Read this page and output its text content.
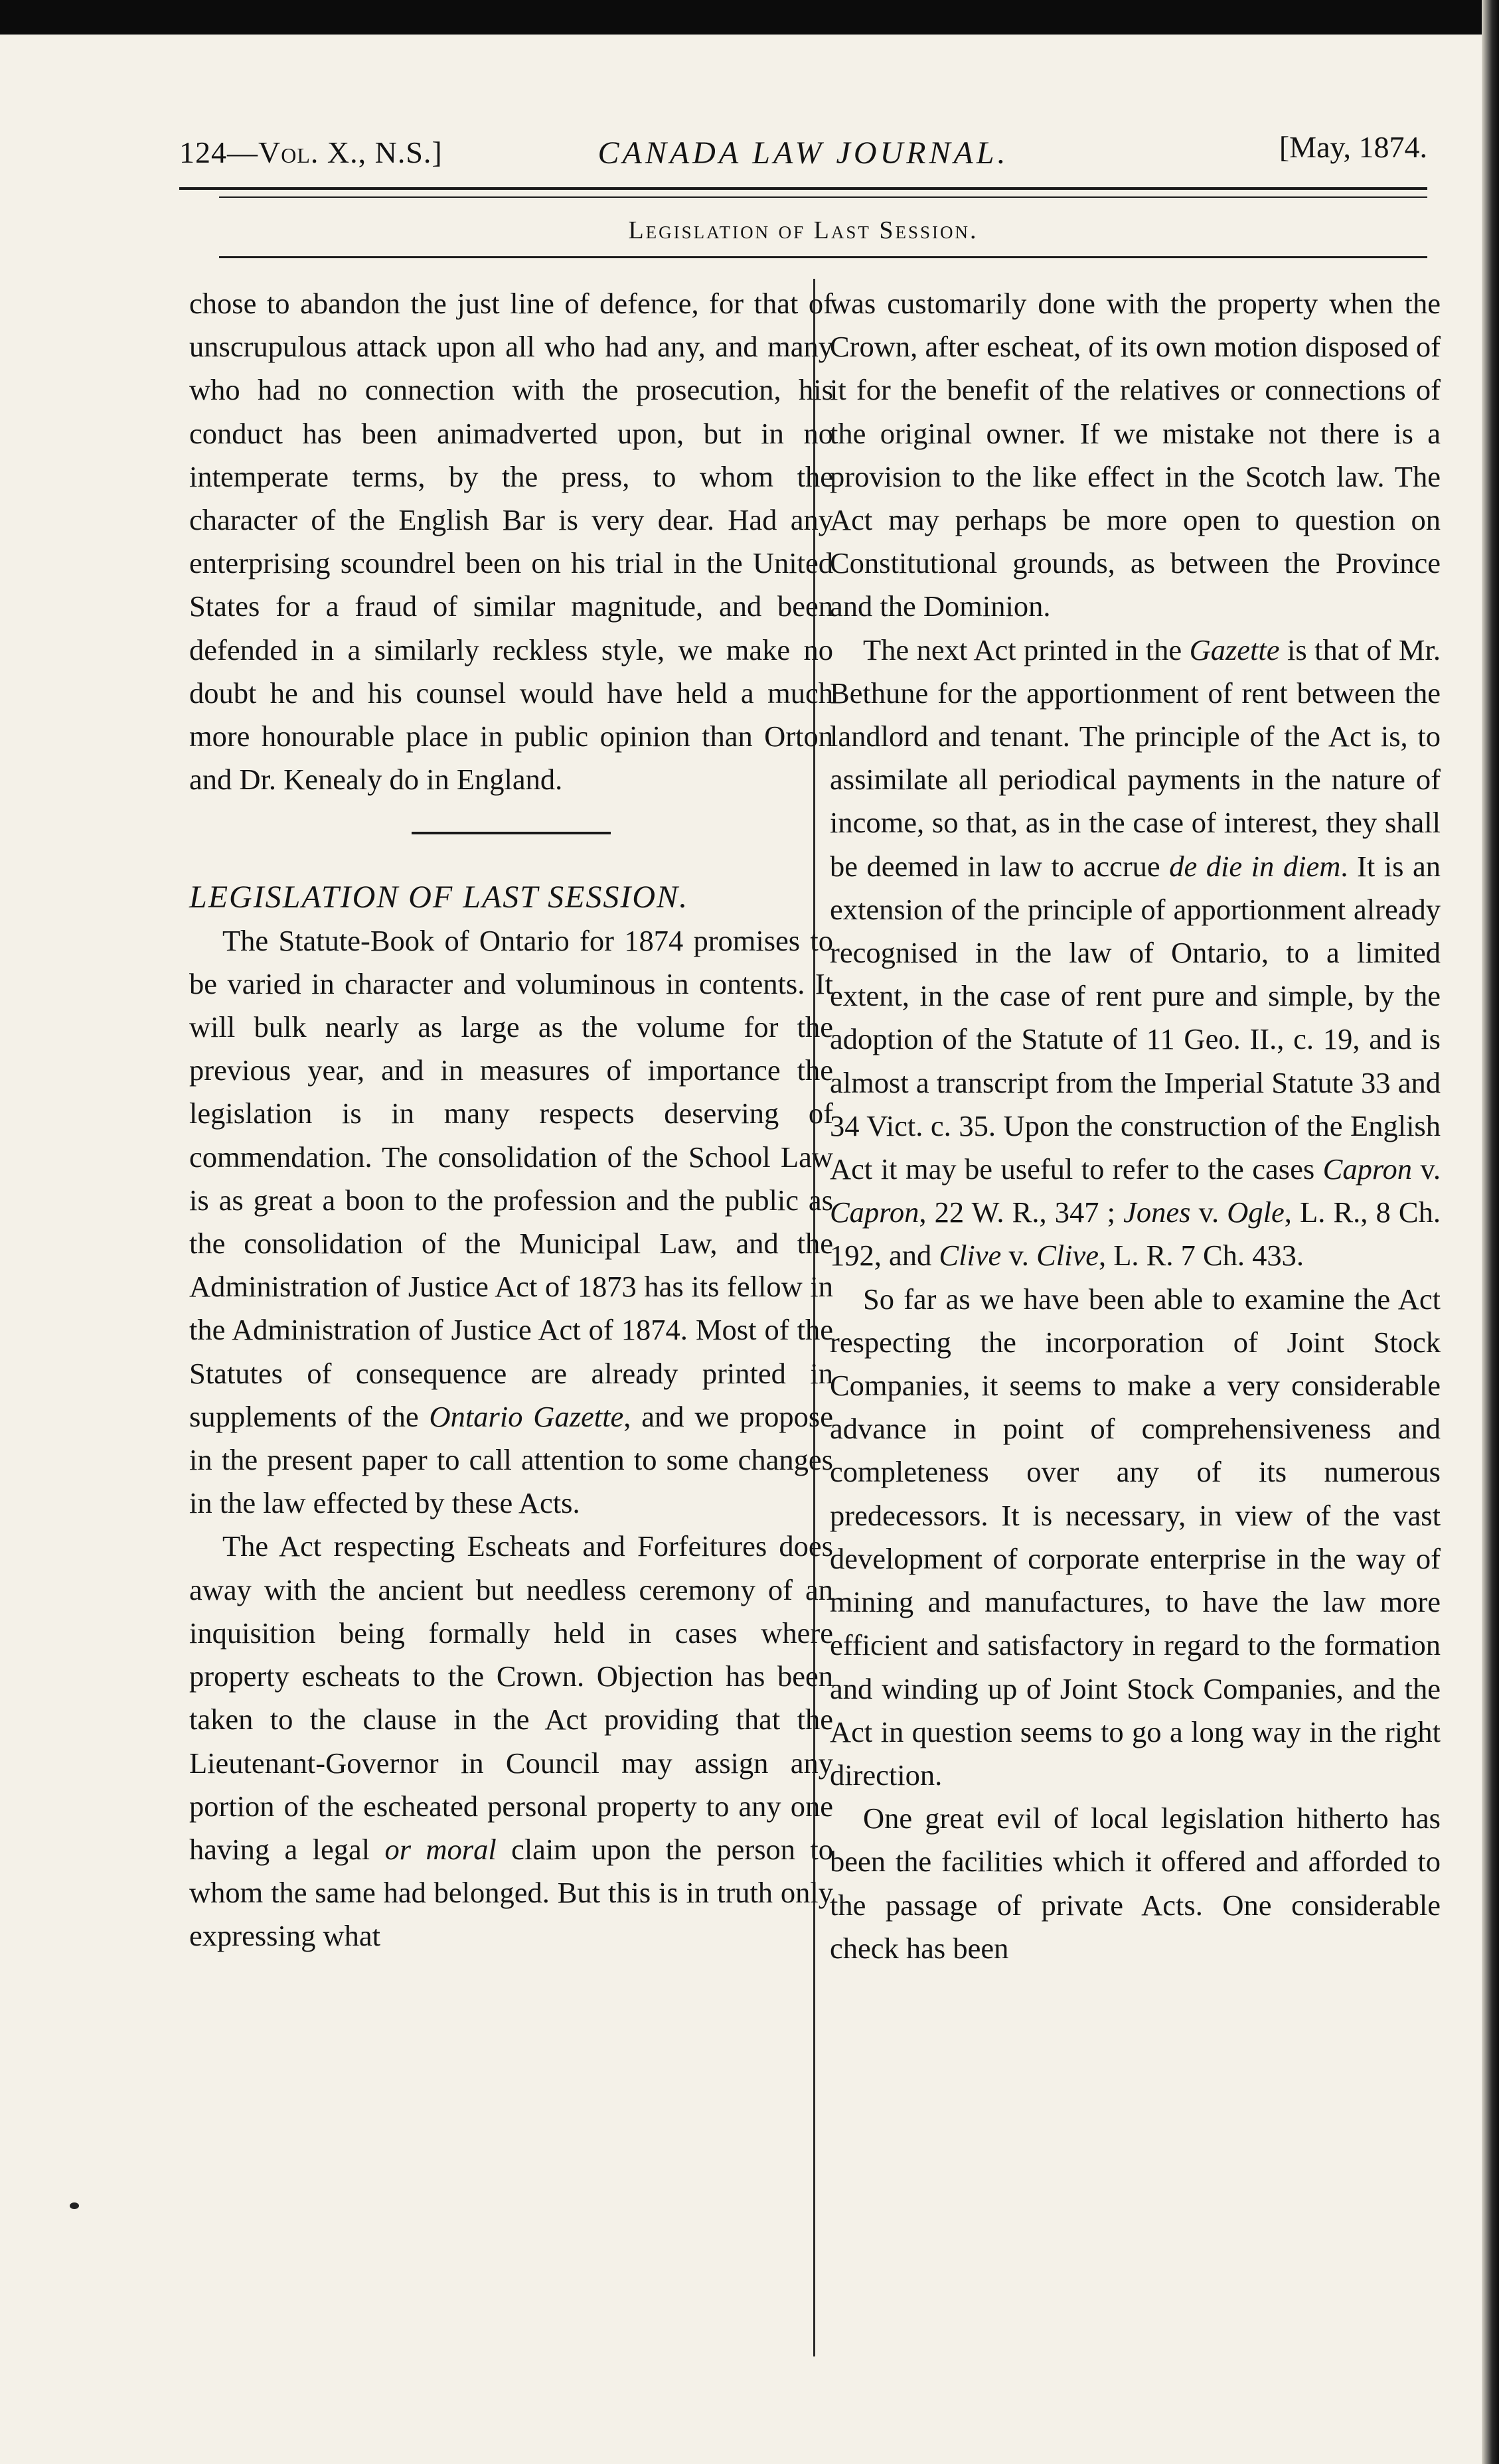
124—Vol. X., N.S.]	CANADA LAW JOURNAL.	[May, 1874.
Legislation of Last Session.

chose to abandon the just line of defence, for that of unscrupulous attack upon all who had any, and many who had no connection with the prosecution, his conduct has been animadverted upon, but in no intemperate terms, by the press, to whom the character of the English Bar is very dear. Had any enterprising scoundrel been on his trial in the United States for a fraud of similar magnitude, and been defended in a similarly reckless style, we make no doubt he and his counsel would have held a much more honourable place in public opinion than Orton and Dr. Kenealy do in England.

LEGISLATION OF LAST SESSION.

The Statute-Book of Ontario for 1874 promises to be varied in character and voluminous in contents. It will bulk nearly as large as the volume for the previous year, and in measures of importance the legislation is in many respects deserving of commendation. The consolidation of the School Law is as great a boon to the profession and the public as the consolidation of the Municipal Law, and the Administration of Justice Act of 1873 has its fellow in the Administration of Justice Act of 1874. Most of the Statutes of consequence are already printed in supplements of the Ontario Gazette, and we propose in the present paper to call attention to some changes in the law effected by these Acts.

The Act respecting Escheats and Forfeitures does away with the ancient but needless ceremony of an inquisition being formally held in cases where property escheats to the Crown. Objection has been taken to the clause in the Act providing that the Lieutenant-Governor in Council may assign any portion of the escheated personal property to any one having a legal or moral claim upon the person to whom the same had belonged. But this is in truth only expressing what

was customarily done with the property when the Crown, after escheat, of its own motion disposed of it for the benefit of the relatives or connections of the original owner. If we mistake not there is a provision to the like effect in the Scotch law. The Act may perhaps be more open to question on Constitutional grounds, as between the Province and the Dominion.

The next Act printed in the Gazette is that of Mr. Bethune for the apportionment of rent between the landlord and tenant. The principle of the Act is, to assimilate all periodical payments in the nature of income, so that, as in the case of interest, they shall be deemed in law to accrue de die in diem. It is an extension of the principle of apportionment already recognised in the law of Ontario, to a limited extent, in the case of rent pure and simple, by the adoption of the Statute of 11 Geo. II., c. 19, and is almost a transcript from the Imperial Statute 33 and 34 Vict. c. 35. Upon the construction of the English Act it may be useful to refer to the cases Capron v. Capron, 22 W. R., 347 ; Jones v. Ogle, L. R., 8 Ch. 192, and Clive v. Clive, L. R. 7 Ch. 433.

So far as we have been able to examine the Act respecting the incorporation of Joint Stock Companies, it seems to make a very considerable advance in point of comprehensiveness and completeness over any of its numerous predecessors. It is necessary, in view of the vast development of corporate enterprise in the way of mining and manufactures, to have the law more efficient and satisfactory in regard to the formation and winding up of Joint Stock Companies, and the Act in question seems to go a long way in the right direction.

One great evil of local legislation hitherto has been the facilities which it offered and afforded to the passage of private Acts. One considerable check has been
